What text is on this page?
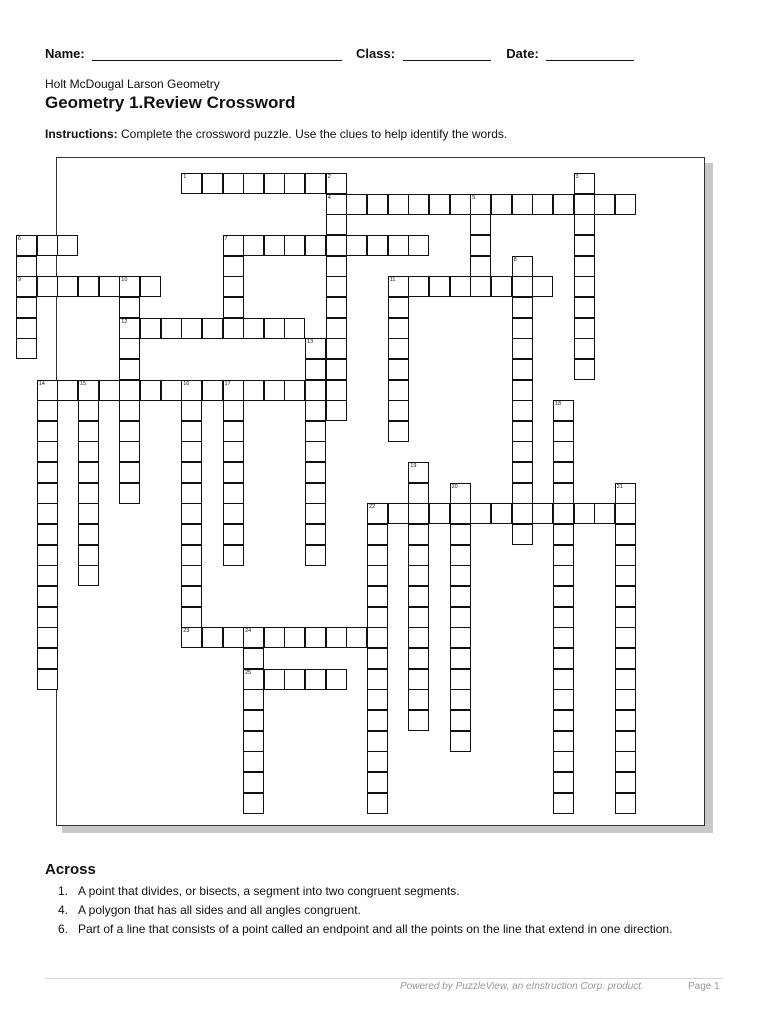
Name:	Class:	Date:
Holt McDougal Larson Geometry
Geometry 1.Review Crossword
Instructions: Complete the crossword puzzle. Use the clues to help identify the words.
1	2
4
3
5
6
9
7
8
10
12
11
13
14	15	16	17
18
19
20	21
22
23	24
25
Across
1. A point that divides, or bisects, a segment into two congruent segments.
4. A polygon that has all sides and all angles congruent.
6. Part of a line that consists of a point called an endpoint and all the points on the line that extend in one direction.
Powered by PuzzleView, an eInstruction Corp. product.	Page 1
